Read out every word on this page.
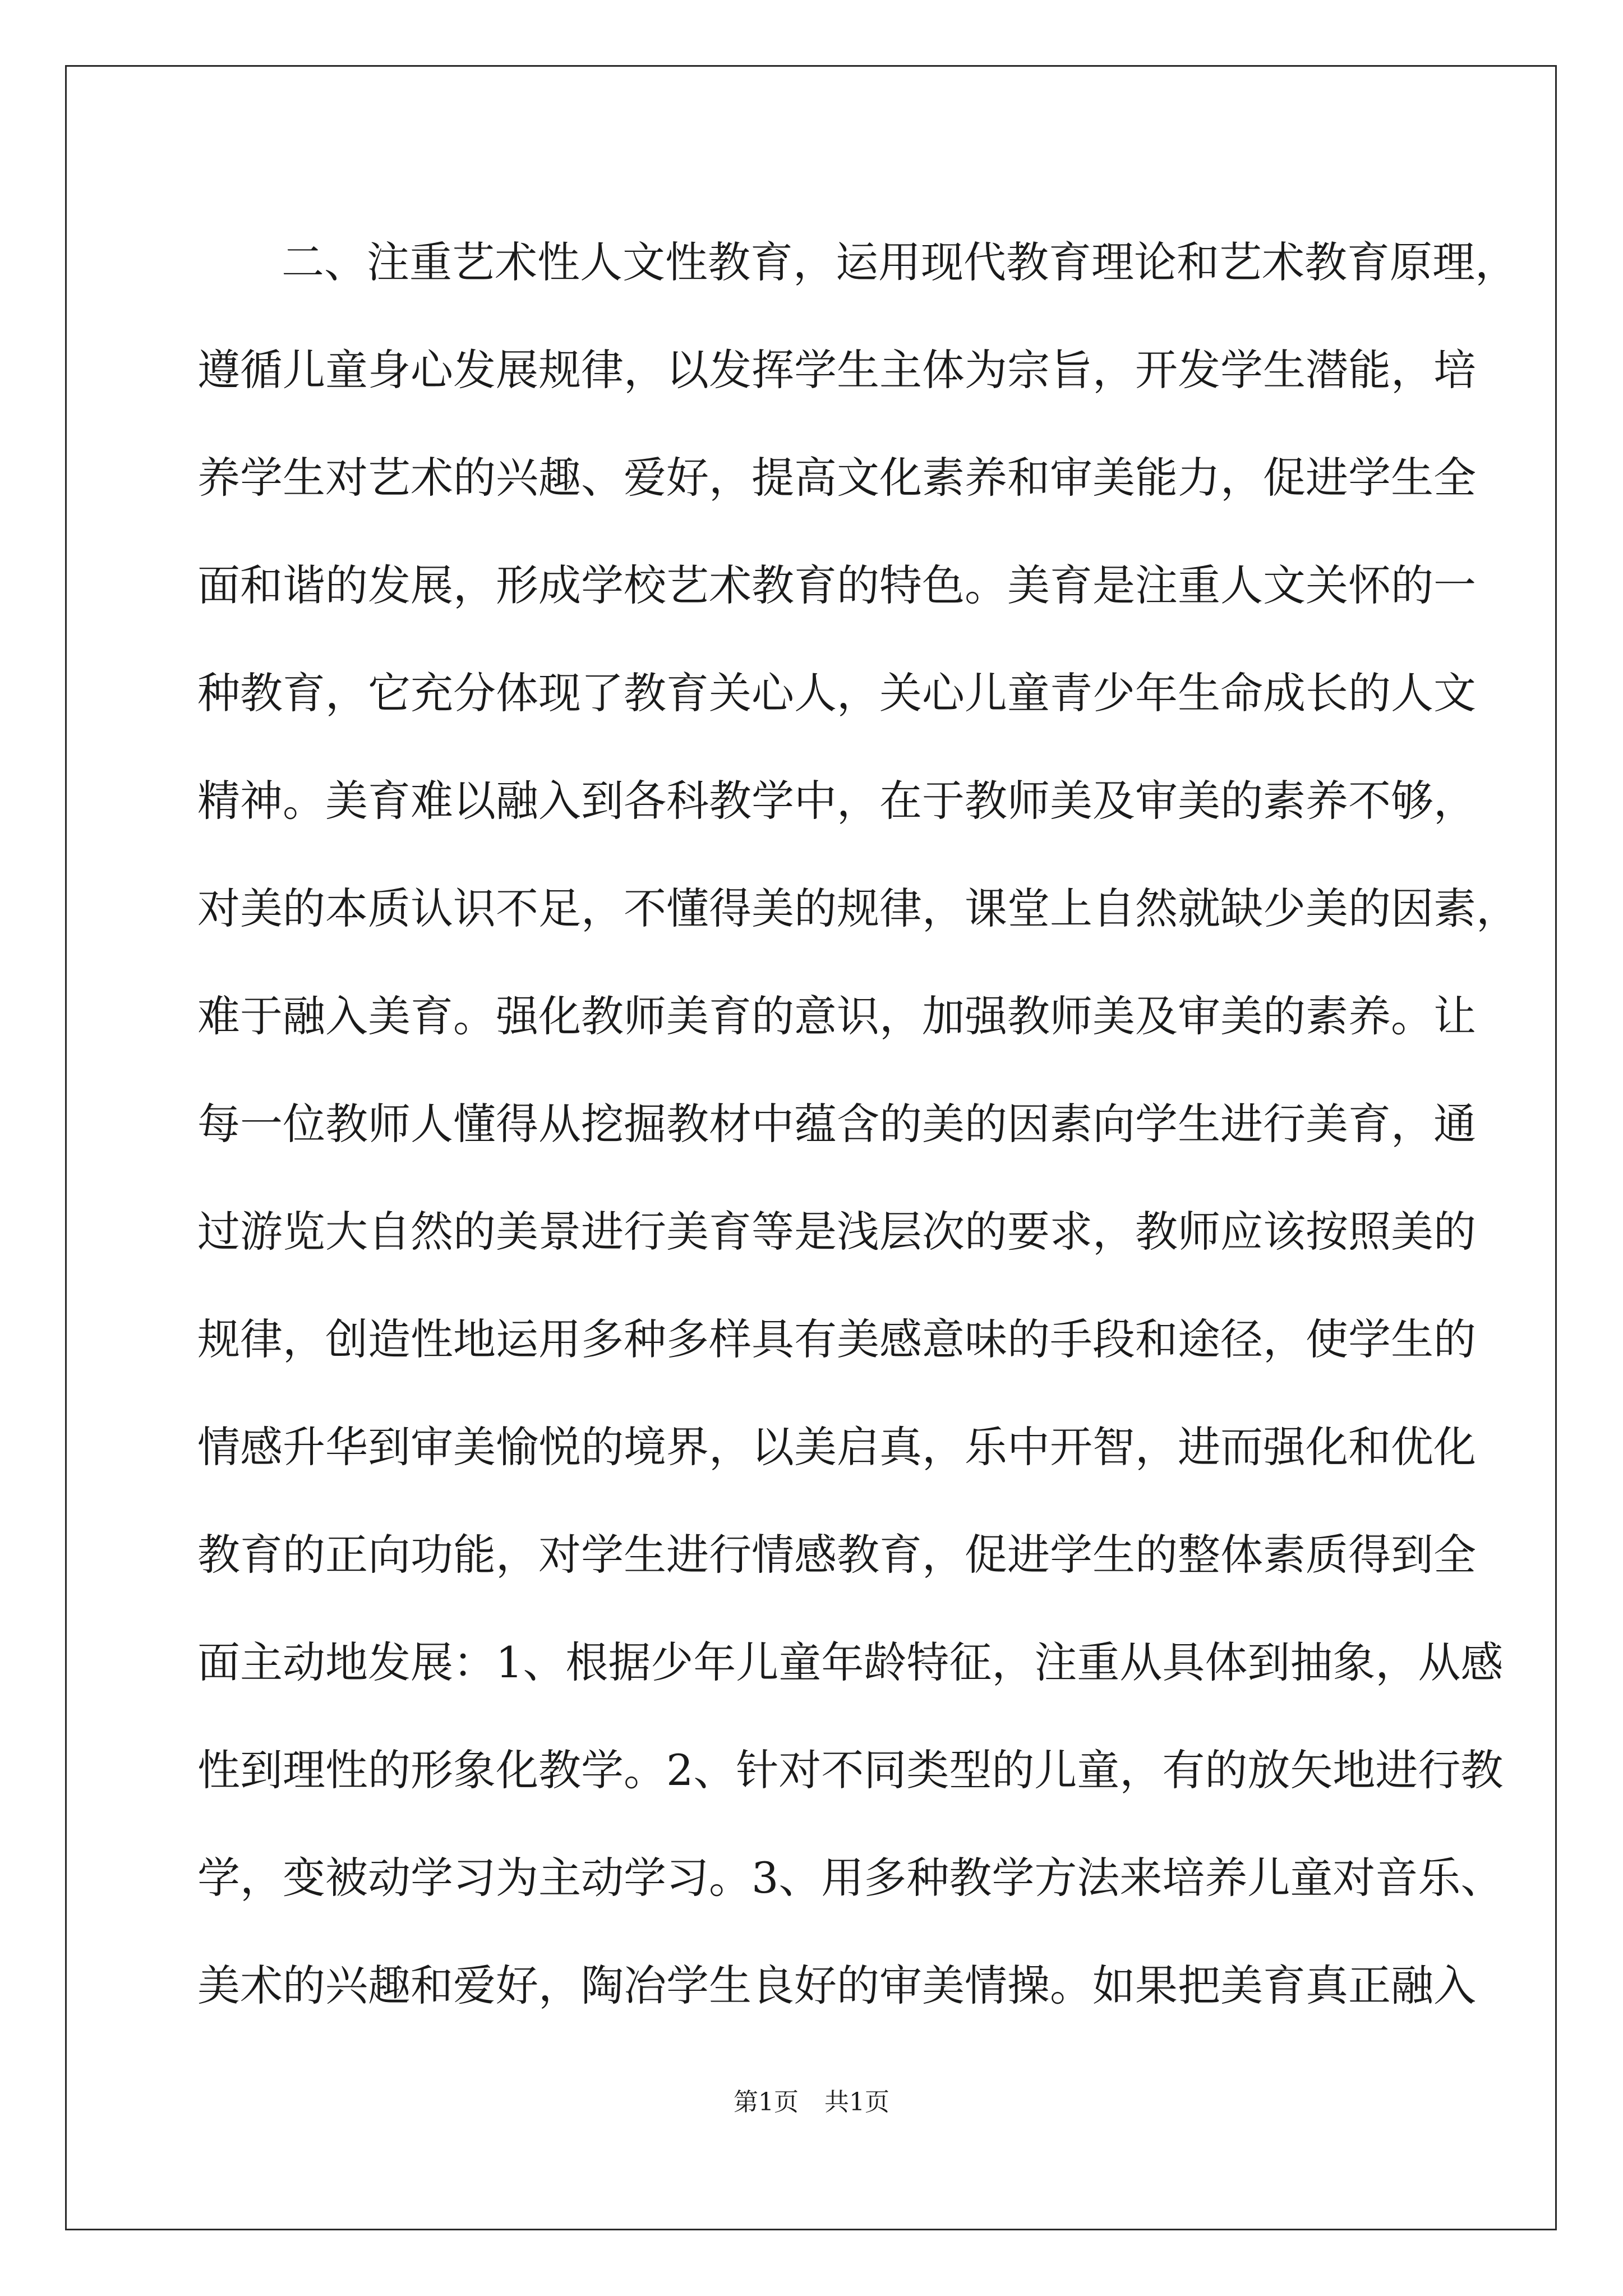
二、注重艺术性人文性教育，运用现代教育理论和艺术教育原理，
遵循儿童身心发展规律，以发挥学生主体为宗旨，开发学生潜能，培
养学生对艺术的兴趣、爱好，提高文化素养和审美能力，促进学生全
面和谐的发展，形成学校艺术教育的特色。美育是注重人文关怀的一
种教育，它充分体现了教育关心人，关心儿童青少年生命成长的人文
精神。美育难以融入到各科教学中，在于教师美及审美的素养不够，
对美的本质认识不足，不懂得美的规律，课堂上自然就缺少美的因素，
难于融入美育。强化教师美育的意识，加强教师美及审美的素养。让
每一位教师人懂得从挖掘教材中蕴含的美的因素向学生进行美育，通
过游览大自然的美景进行美育等是浅层次的要求，教师应该按照美的
规律，创造性地运用多种多样具有美感意味的手段和途径，使学生的
情感升华到审美愉悦的境界，以美启真，乐中开智，进而强化和优化
教育的正向功能，对学生进行情感教育，促进学生的整体素质得到全
面主动地发展：1、根据少年儿童年龄特征，注重从具体到抽象，从感
性到理性的形象化教学。2、针对不同类型的儿童，有的放矢地进行教
学，变被动学习为主动学习。3、用多种教学方法来培养儿童对音乐、
美术的兴趣和爱好，陶冶学生良好的审美情操。如果把美育真正融入
第1页 共1页
